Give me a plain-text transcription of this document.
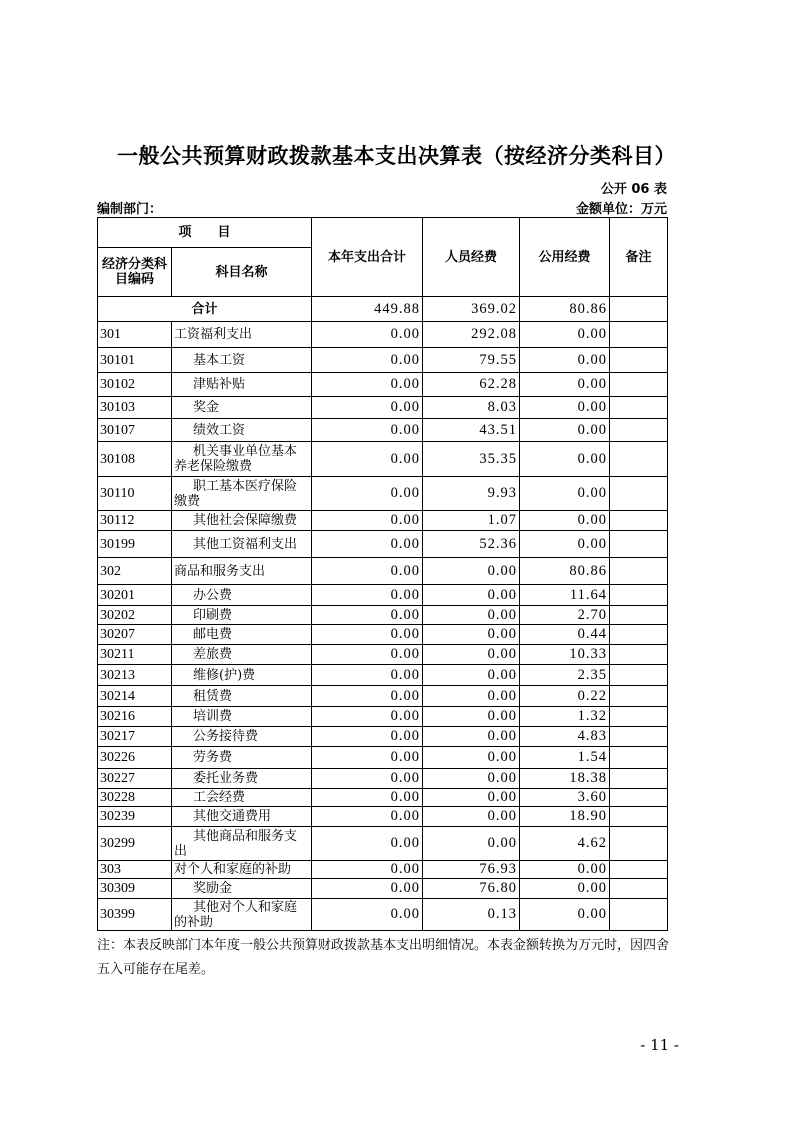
一般公共预算财政拨款基本支出决算表（按经济分类科目）
公开 06 表
编制部门：	金额单位：万元
项　　目		本年支出合计	人员经费	公用经费	备注
经济分类科目编码	科目名称				
合计		449.88	369.02	80.86	
301	工资福利支出	0.00	292.08	0.00	
30101	基本工资	0.00	79.55	0.00	
30102	津贴补贴	0.00	62.28	0.00	
30103	奖金	0.00	8.03	0.00	
30107	绩效工资	0.00	43.51	0.00	
30108	机关事业单位基本养老保险缴费	0.00	35.35	0.00	
30110	职工基本医疗保险缴费	0.00	9.93	0.00	
30112	其他社会保障缴费	0.00	1.07	0.00	
30199	其他工资福利支出	0.00	52.36	0.00	
302	商品和服务支出	0.00	0.00	80.86	
30201	办公费	0.00	0.00	11.64	
30202	印刷费	0.00	0.00	2.70	
30207	邮电费	0.00	0.00	0.44	
30211	差旅费	0.00	0.00	10.33	
30213	维修(护)费	0.00	0.00	2.35	
30214	租赁费	0.00	0.00	0.22	
30216	培训费	0.00	0.00	1.32	
30217	公务接待费	0.00	0.00	4.83	
30226	劳务费	0.00	0.00	1.54	
30227	委托业务费	0.00	0.00	18.38	
30228	工会经费	0.00	0.00	3.60	
30239	其他交通费用	0.00	0.00	18.90	
30299	其他商品和服务支出	0.00	0.00	4.62	
303	对个人和家庭的补助	0.00	76.93	0.00	
30309	奖励金	0.00	76.80	0.00	
30399	其他对个人和家庭的补助	0.00	0.13	0.00	
注：本表反映部门本年度一般公共预算财政拨款基本支出明细情况。本表金额转换为万元时，因四舍五入可能存在尾差。
- 11 -
